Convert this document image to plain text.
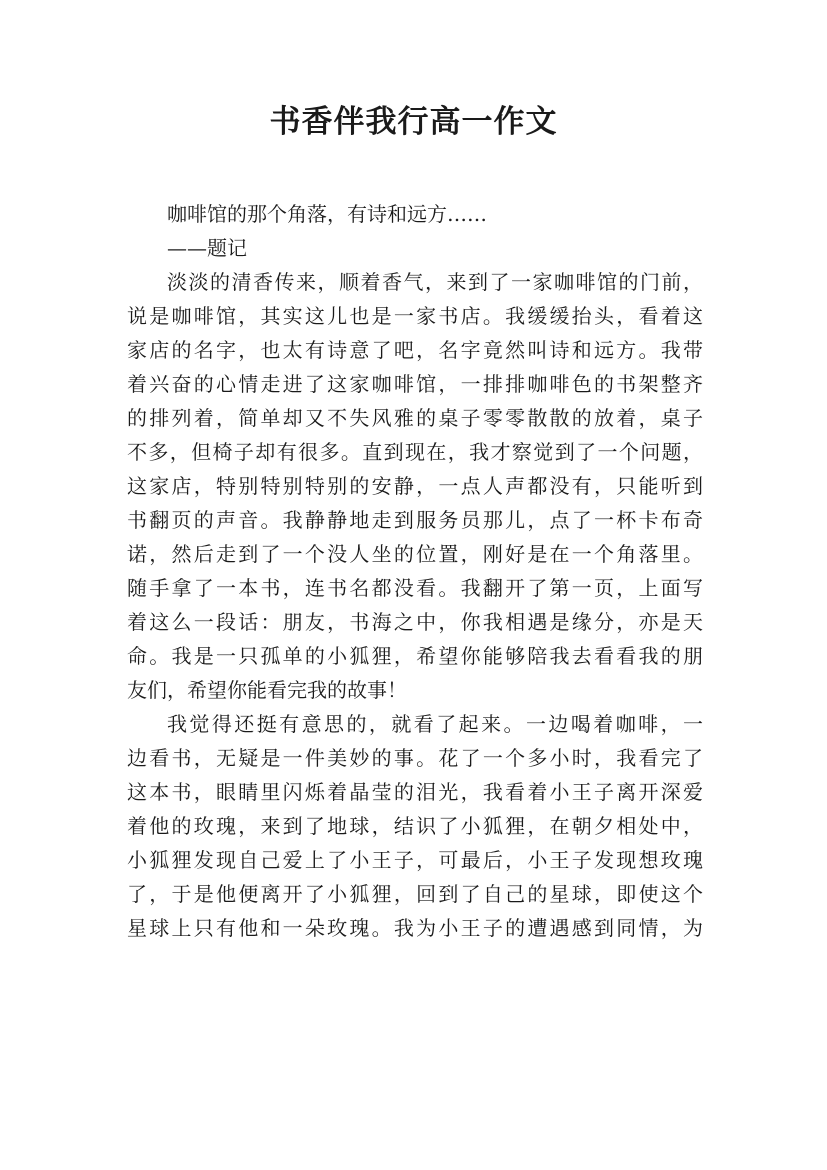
书香伴我行高一作文
咖啡馆的那个角落，有诗和远方……
——题记
淡淡的清香传来，顺着香气，来到了一家咖啡馆的门前，
说是咖啡馆，其实这儿也是一家书店。我缓缓抬头，看着这
家店的名字，也太有诗意了吧，名字竟然叫诗和远方。我带
着兴奋的心情走进了这家咖啡馆，一排排咖啡色的书架整齐
的排列着，简单却又不失风雅的桌子零零散散的放着，桌子
不多，但椅子却有很多。直到现在，我才察觉到了一个问题，
这家店，特别特别特别的安静，一点人声都没有，只能听到
书翻页的声音。我静静地走到服务员那儿，点了一杯卡布奇
诺，然后走到了一个没人坐的位置，刚好是在一个角落里。
随手拿了一本书，连书名都没看。我翻开了第一页，上面写
着这么一段话：朋友，书海之中，你我相遇是缘分，亦是天
命。我是一只孤单的小狐狸，希望你能够陪我去看看我的朋
友们，希望你能看完我的故事！
我觉得还挺有意思的，就看了起来。一边喝着咖啡，一
边看书，无疑是一件美妙的事。花了一个多小时，我看完了
这本书，眼睛里闪烁着晶莹的泪光，我看着小王子离开深爱
着他的玫瑰，来到了地球，结识了小狐狸，在朝夕相处中，
小狐狸发现自己爱上了小王子，可最后，小王子发现想玫瑰
了，于是他便离开了小狐狸，回到了自己的星球，即使这个
星球上只有他和一朵玫瑰。我为小王子的遭遇感到同情，为
